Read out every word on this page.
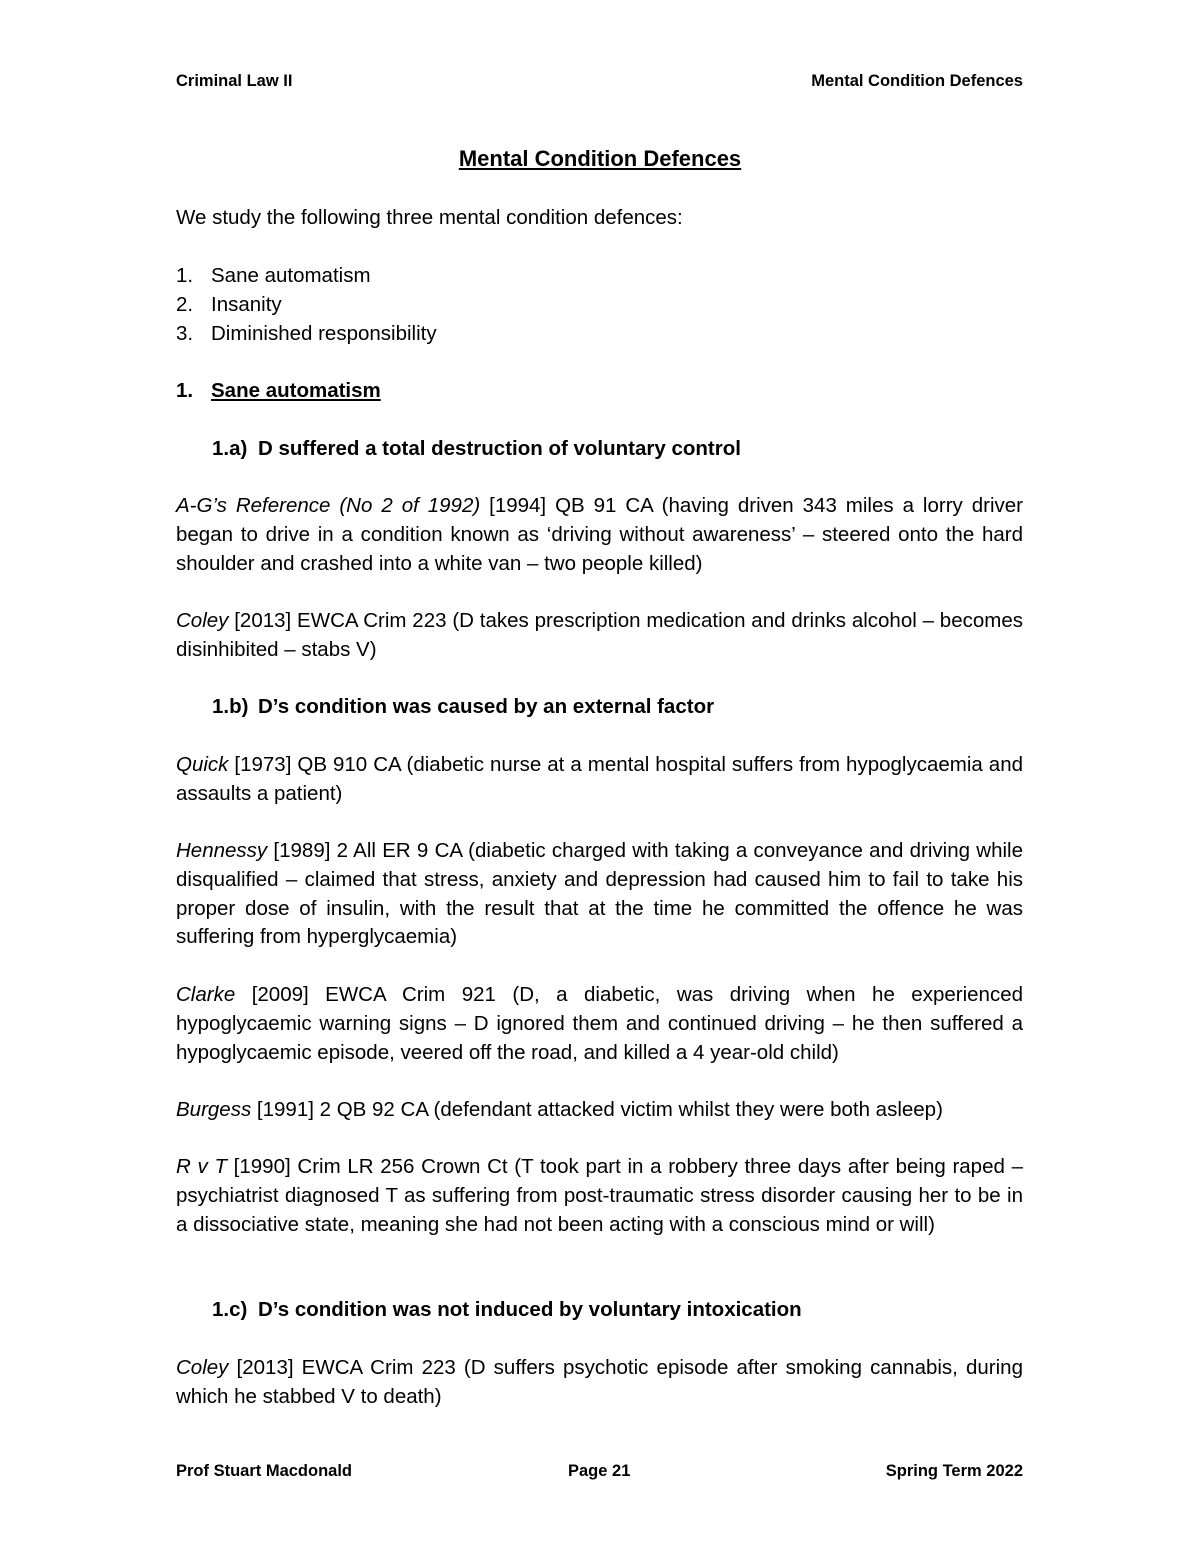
Criminal Law II	Mental Condition Defences
Mental Condition Defences
We study the following three mental condition defences:
1. Sane automatism
2. Insanity
3. Diminished responsibility
1. Sane automatism
1.a) D suffered a total destruction of voluntary control
A-G’s Reference (No 2 of 1992) [1994] QB 91 CA (having driven 343 miles a lorry driver began to drive in a condition known as ‘driving without awareness’ – steered onto the hard shoulder and crashed into a white van – two people killed)
Coley [2013] EWCA Crim 223 (D takes prescription medication and drinks alcohol – becomes disinhibited – stabs V)
1.b) D’s condition was caused by an external factor
Quick [1973] QB 910 CA (diabetic nurse at a mental hospital suffers from hypoglycaemia and assaults a patient)
Hennessy [1989] 2 All ER 9 CA (diabetic charged with taking a conveyance and driving while disqualified – claimed that stress, anxiety and depression had caused him to fail to take his proper dose of insulin, with the result that at the time he committed the offence he was suffering from hyperglycaemia)
Clarke [2009] EWCA Crim 921 (D, a diabetic, was driving when he experienced hypoglycaemic warning signs – D ignored them and continued driving – he then suffered a hypoglycaemic episode, veered off the road, and killed a 4 year-old child)
Burgess [1991] 2 QB 92 CA (defendant attacked victim whilst they were both asleep)
R v T [1990] Crim LR 256 Crown Ct (T took part in a robbery three days after being raped – psychiatrist diagnosed T as suffering from post-traumatic stress disorder causing her to be in a dissociative state, meaning she had not been acting with a conscious mind or will)
1.c) D’s condition was not induced by voluntary intoxication
Coley [2013] EWCA Crim 223 (D suffers psychotic episode after smoking cannabis, during which he stabbed V to death)
Prof Stuart Macdonald	Page 21	Spring Term 2022
